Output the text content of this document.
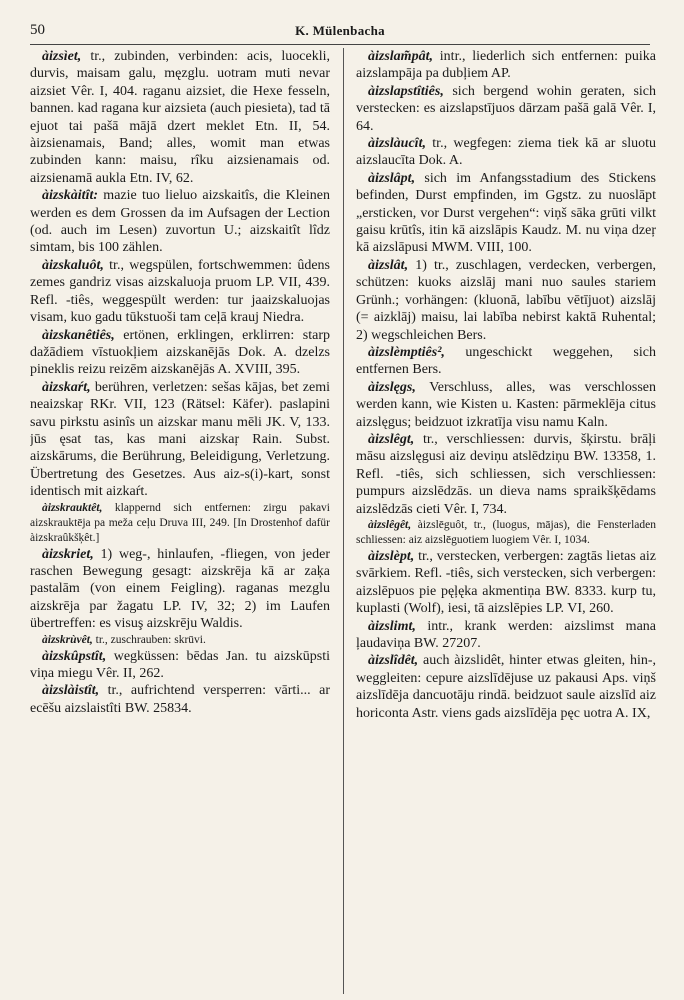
50	K. Mülenbacha

àizsìet, tr., zubinden, verbinden: acis, luocekli, durvis, maisam galu, męzglu. uotram muti nevar aizsiet Vêr. I, 404. raganu aizsiet, die Hexe fesseln, bannen. kad ragana kur aizsieta (auch piesieta), tad tā ejuot tai pašā mājā dzert meklet Etn. II, 54. àizsienamais, Band; alles, womit man etwas zubinden kann: maisu, rîku aizsienamais od. aizsienamā aukla Etn. IV, 62.

àizskàitît: mazie tuo lieluo aizskaitîs, die Kleinen werden es dem Grossen da im Aufsagen der Lection (od. auch im Lesen) zuvortun U.; aizskaitît lîdz simtam, bis 100 zählen.

àizskaluôt, tr., wegspülen, fortschwemmen: ûdens zemes gandriz visas aizskaluoja pruom LP. VII, 439. Refl. -tiês, weggespült werden: tur jaaizskaluojas visam, kuo gadu tūkstuoši tam ceļā krauj Niedra.

àizskanêtiês, ertönen, erklingen, erklirren: starp dažādiem vīstuokļiem aizskanējās Dok. A. dzelzs pineklis reizu reizēm aizskanējās A. XVIII, 395.

àizskaŕt, berühren, verletzen: sešas kājas, bet zemi neaizskaŗ RKr. VII, 123 (Rätsel: Käfer). paslapini savu pirkstu asinîs un aizskar manu mēli JK. V, 133. jūs ęsat tas, kas mani aizskaŗ Rain. Subst. aizskārums, die Berührung, Beleidigung, Verletzung. Übertretung des Gesetzes. Aus aiz-s(i)-kart, sonst identisch mit aizkaŕt.

àizskrauktêt, klappernd sich entfernen: zirgu pakavi aizskrauktēja pa meža ceļu Druva III, 249. [In Drostenhof dafür àizskraûkšķêt.]

àizskriet, 1) weg-, hinlaufen, -fliegen, von jeder raschen Bewegung gesagt: aizskrēja kā ar zaķa pastalām (von einem Feigling). raganas mezglu aizskrēja par žagatu LP. IV, 32; 2) im Laufen übertreffen: es visuş aizskrēju Waldis.

àizskrùvêt, tr., zuschrauben: skrūvi.

àizskûpstît, wegküssen: bēdas Jan. tu aizskūpsti viņa miegu Vêr. II, 262.

àizslàistît, tr., aufrichtend versperren: vārti... ar ecēšu aizslaistîti BW. 25834.

àizslam̃pât, intr., liederlich sich entfernen: puika aizslampāja pa dubļiem AP.

àizslapstîtiês, sich bergend wohin geraten, sich verstecken: es aizslapstījuos dārzam pašā galā Vêr. I, 64.

àizslàucît, tr., wegfegen: ziema tiek kā ar sluotu aizslaucīta Dok. A.

àizslâpt, sich im Anfangsstadium des Stickens befinden, Durst empfinden, im Ggstz. zu nuoslāpt „ersticken, vor Durst vergehen“: viņš sāka grūti vilkt gaisu krūtîs, itin kā aizslāpis Kaudz. M. nu viņa dzeŗ kā aizslāpusi MWM. VIII, 100.

àizslât, 1) tr., zuschlagen, verdecken, verbergen, schützen: kuoks aizslāj mani nuo saules stariem Grünh.; vorhängen: (kluonā, labību vētījuot) aizslāj (= aizklāj) maisu, lai labība nebirst kaktā Ruhental; 2) wegschleichen Bers.

àizslèmptiês², ungeschickt weggehen, sich entfernen Bers.

àizslęgs, Verschluss, alles, was verschlossen werden kann, wie Kisten u. Kasten: pārmeklēja citus aizslęgus; beidzuot izkratīja visu namu Kaln.

àizslêgt, tr., verschliessen: durvis, šķirstu. brāļi māsu aizslęgusi aiz deviņu atslēdziņu BW. 13358, 1. Refl. -tiês, sich schliessen, sich verschliessen: pumpurs aizslēdzās. un dieva nams spraikšķēdams aizslēdzās cieti Vêr. I, 734.

àizslêgêt, àizslēguôt, tr., (luogus, mājas), die Fensterladen schliessen: aiz aizslēguotiem luogiem Vêr. I, 1034.

àizslèpt, tr., verstecken, verbergen: zagtās lietas aiz svārkiem. Refl. -tiês, sich verstecken, sich verbergen: aizslēpuos pie pęļęka akmentiņa BW. 8333. kurp tu, kuplasti (Wolf), iesi, tā aizslēpies LP. VI, 260.

àizslimt, intr., krank werden: aizslimst mana ļaudaviņa BW. 27207.

àizslîdêt, auch àizslidêt, hinter etwas gleiten, hin-, weggleiten: cepure aizslīdējuse uz pakausi Aps. viņš aizslīdēja dancuotāju rindā. beidzuot saule aizslīd aiz horiconta Astr. viens gads aizslīdēja pęc uotra A. IX,
